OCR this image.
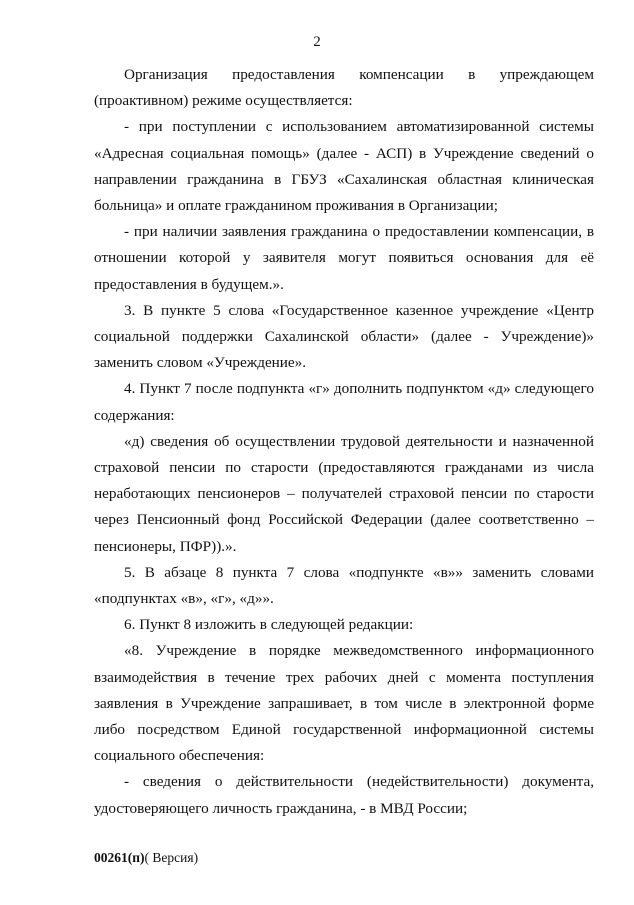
2

Организация предоставления компенсации в упреждающем (проактивном) режиме осуществляется:

- при поступлении с использованием автоматизированной системы «Адресная социальная помощь» (далее - АСП) в Учреждение сведений о направлении гражданина в ГБУЗ «Сахалинская областная клиническая больница» и оплате гражданином проживания в Организации;

- при наличии заявления гражданина о предоставлении компенсации, в отношении которой у заявителя могут появиться основания для её предоставления в будущем.».

3. В пункте 5 слова «Государственное казенное учреждение «Центр социальной поддержки Сахалинской области» (далее - Учреждение)» заменить словом «Учреждение».

4. Пункт 7 после подпункта «г» дополнить подпунктом «д» следующего содержания:

«д) сведения об осуществлении трудовой деятельности и назначенной страховой пенсии по старости (предоставляются гражданами из числа неработающих пенсионеров – получателей страховой пенсии по старости через Пенсионный фонд Российской Федерации (далее соответственно – пенсионеры, ПФР)).».

5. В абзаце 8 пункта 7 слова «подпункте «в»» заменить словами «подпунктах «в», «г», «д»».

6. Пункт 8 изложить в следующей редакции:

«8. Учреждение в порядке межведомственного информационного взаимодействия в течение трех рабочих дней с момента поступления заявления в Учреждение запрашивает, в том числе в электронной форме либо посредством Единой государственной информационной системы социального обеспечения:

- сведения о действительности (недействительности) документа, удостоверяющего личность гражданина, - в МВД России;

00261(п)( Версия)
